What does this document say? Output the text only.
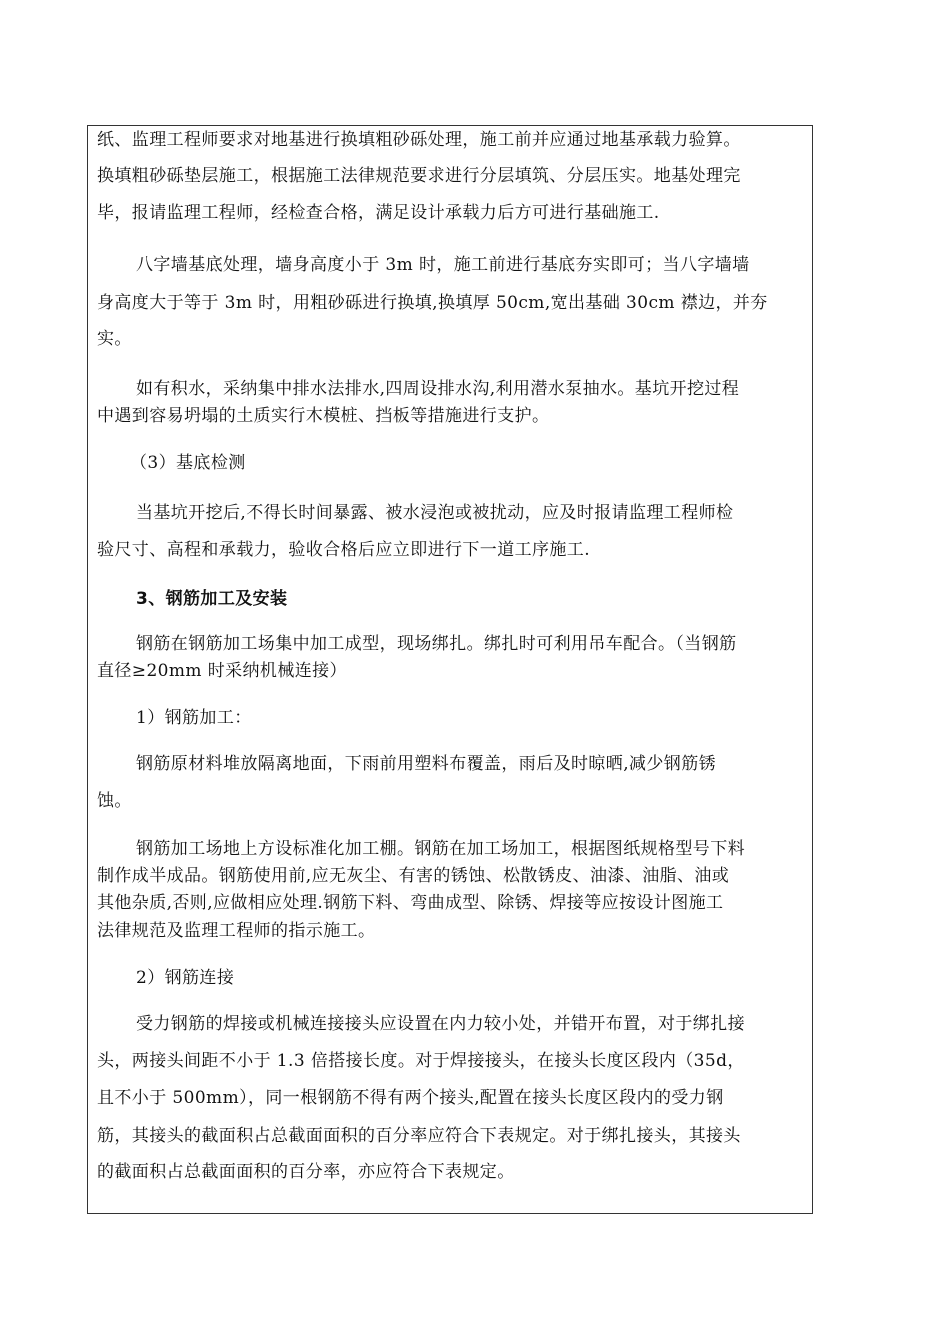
纸、监理工程师要求对地基进行换填粗砂砾处理，施工前并应通过地基承载力验算。
换填粗砂砾垫层施工，根据施工法律规范要求进行分层填筑、分层压实。地基处理完
毕，报请监理工程师，经检查合格，满足设计承载力后方可进行基础施工.
八字墙基底处理，墙身高度小于 3m 时，施工前进行基底夯实即可；当八字墙墙
身高度大于等于 3m 时，用粗砂砾进行换填,换填厚 50cm,宽出基础 30cm 襟边，并夯
实。
如有积水，采纳集中排水法排水,四周设排水沟,利用潜水泵抽水。基坑开挖过程
中遇到容易坍塌的土质实行木模桩、挡板等措施进行支护。
（3）基底检测
当基坑开挖后,不得长时间暴露、被水浸泡或被扰动，应及时报请监理工程师检
验尺寸、高程和承载力，验收合格后应立即进行下一道工序施工.
3、钢筋加工及安装
钢筋在钢筋加工场集中加工成型，现场绑扎。绑扎时可利用吊车配合。（当钢筋
直径≥20mm 时采纳机械连接）
1）钢筋加工：
钢筋原材料堆放隔离地面，下雨前用塑料布覆盖，雨后及时晾晒,减少钢筋锈
蚀。
钢筋加工场地上方设标准化加工棚。钢筋在加工场加工，根据图纸规格型号下料
制作成半成品。钢筋使用前,应无灰尘、有害的锈蚀、松散锈皮、油漆、油脂、油或
其他杂质,否则,应做相应处理.钢筋下料、弯曲成型、除锈、焊接等应按设计图施工
法律规范及监理工程师的指示施工。
2）钢筋连接
受力钢筋的焊接或机械连接接头应设置在内力较小处，并错开布置，对于绑扎接
头，两接头间距不小于 1.3 倍搭接长度。对于焊接接头，在接头长度区段内（35d，
且不小于 500mm），同一根钢筋不得有两个接头,配置在接头长度区段内的受力钢
筋，其接头的截面积占总截面面积的百分率应符合下表规定。对于绑扎接头，其接头
的截面积占总截面面积的百分率，亦应符合下表规定。
